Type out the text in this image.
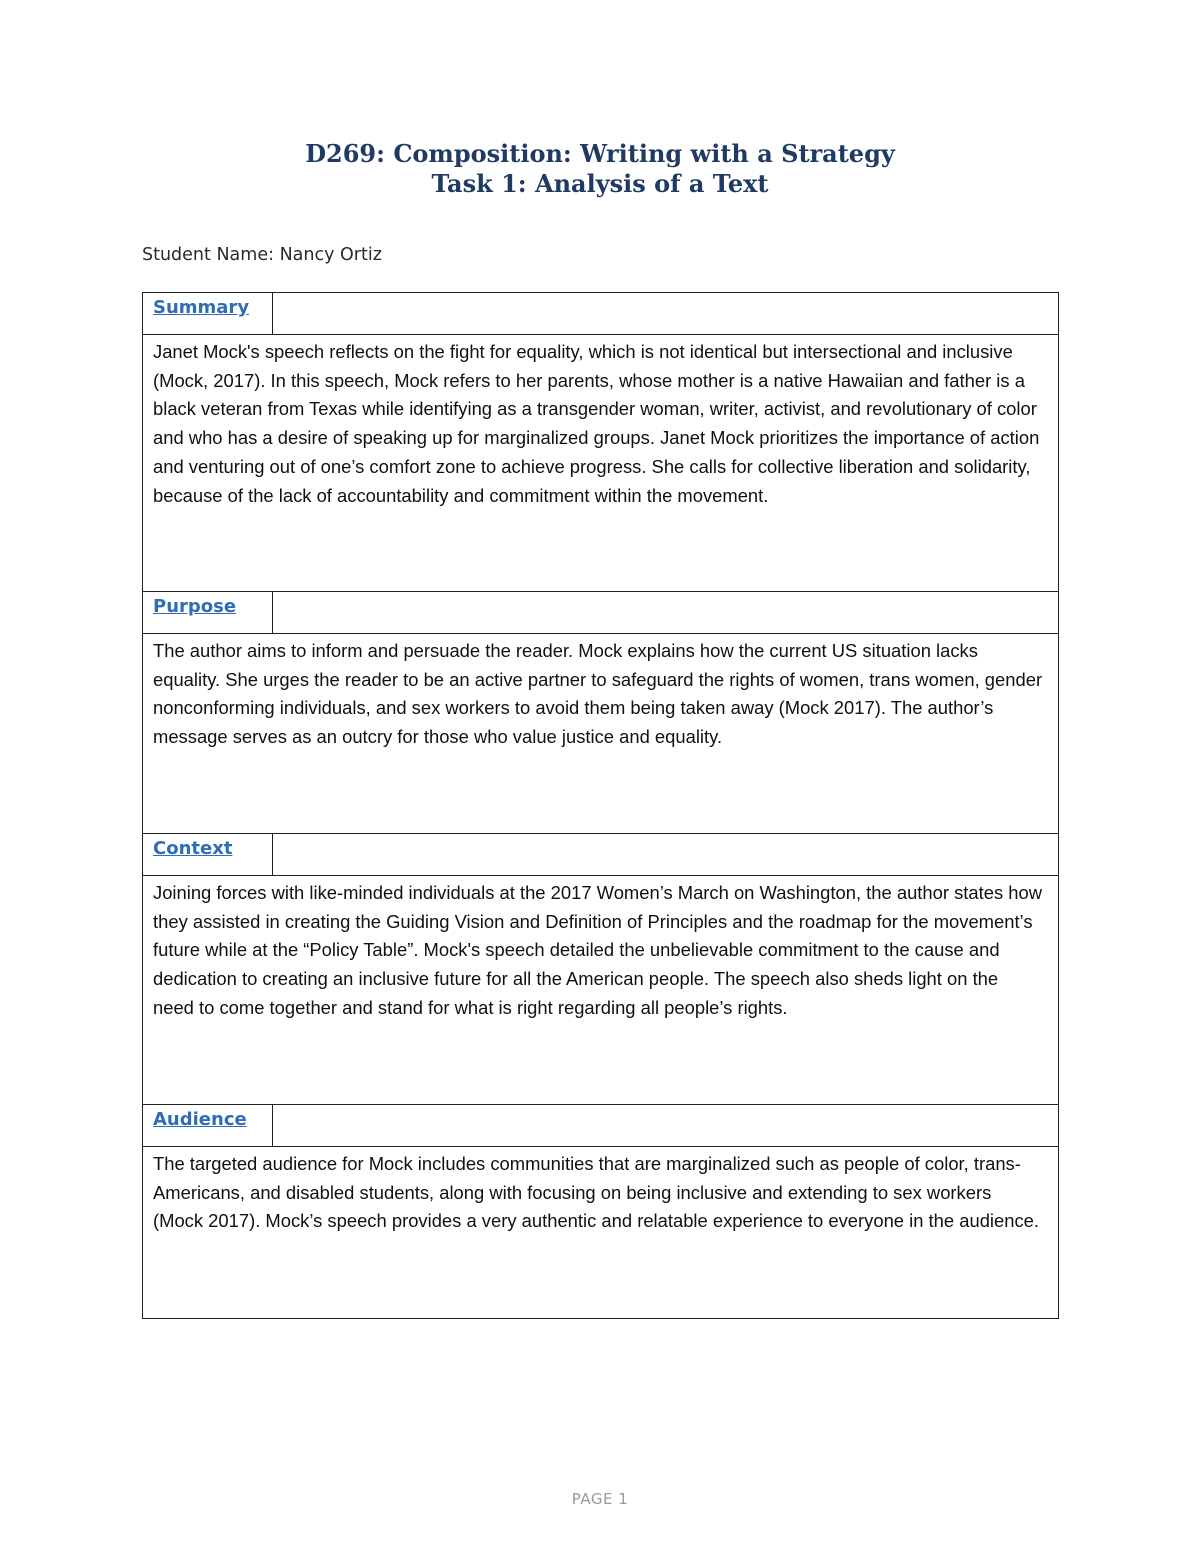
D269: Composition: Writing with a Strategy
Task 1: Analysis of a Text
Student Name: Nancy Ortiz
Summary
Janet Mock's speech reflects on the fight for equality, which is not identical but intersectional and inclusive (Mock, 2017). In this speech, Mock refers to her parents, whose mother is a native Hawaiian and father is a black veteran from Texas while identifying as a transgender woman, writer, activist, and revolutionary of color and who has a desire of speaking up for marginalized groups. Janet Mock prioritizes the importance of action and venturing out of one’s comfort zone to achieve progress. She calls for collective liberation and solidarity, because of the lack of accountability and commitment within the movement.
Purpose
The author aims to inform and persuade the reader. Mock explains how the current US situation lacks equality. She urges the reader to be an active partner to safeguard the rights of women, trans women, gender nonconforming individuals, and sex workers to avoid them being taken away (Mock 2017). The author’s message serves as an outcry for those who value justice and equality.
Context
Joining forces with like-minded individuals at the 2017 Women’s March on Washington, the author states how they assisted in creating the Guiding Vision and Definition of Principles and the roadmap for the movement’s future while at the “Policy Table”. Mock's speech detailed the unbelievable commitment to the cause and dedication to creating an inclusive future for all the American people. The speech also sheds light on the need to come together and stand for what is right regarding all people’s rights.
Audience
The targeted audience for Mock includes communities that are marginalized such as people of color, trans-Americans, and disabled students, along with focusing on being inclusive and extending to sex workers (Mock 2017). Mock’s speech provides a very authentic and relatable experience to everyone in the audience.
PAGE 1
